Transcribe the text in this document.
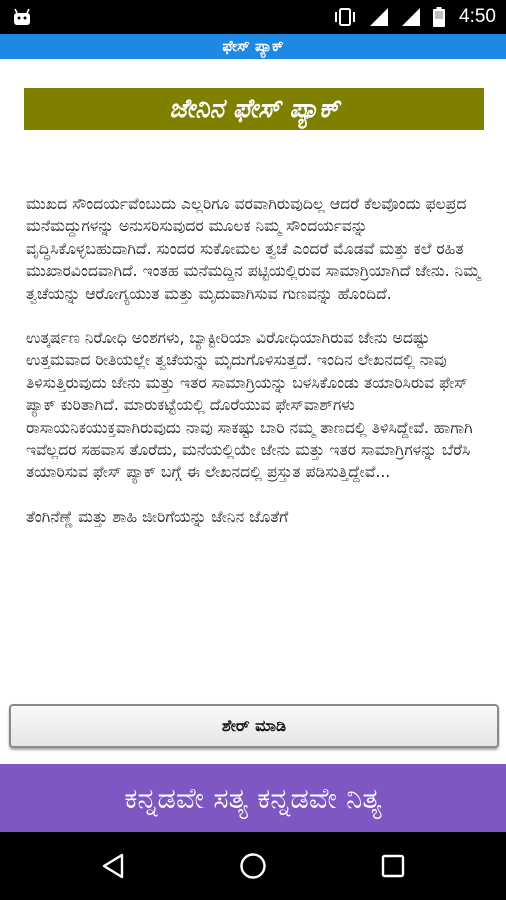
4:50
ಫೇಸ್ ಪ್ಯಾಕ್
ಜೇನಿನ ಫೇಸ್ ಪ್ಯಾಕ್

ಮುಖದ ಸೌಂದರ್ಯವೆಂಬುದು ಎಲ್ಲರಿಗೂ ವರವಾಗಿರುವುದಿಲ್ಲ ಆದರೆ ಕೆಲವೊಂದು ಫಲಪ್ರದ ಮನೆಮದ್ದುಗಳನ್ನು ಅನುಸರಿಸುವುದರ ಮೂಲಕ ನಿಮ್ಮ ಸೌಂದರ್ಯವನ್ನು ವೃದ್ಧಿಸಿಕೊಳ್ಳಬಹುದಾಗಿದೆ. ಸುಂದರ ಸುಕೋಮಲ ತ್ವಚೆ ಎಂದರೆ ಮೊಡವೆ ಮತ್ತು ಕಲೆ ರಹಿತ ಮುಖಾರವಿಂದವಾಗಿದೆ. ಇಂತಹ ಮನೆಮದ್ದಿನ ಪಟ್ಟಿಯಲ್ಲಿರುವ ಸಾಮಾಗ್ರಿಯಾಗಿದೆ ಜೇನು. ನಿಮ್ಮ ತ್ವಚೆಯನ್ನು ಆರೋಗ್ಯಯುತ ಮತ್ತು ಮೃದುವಾಗಿಸುವ ಗುಣವನ್ನು ಹೊಂದಿದೆ.

ಉತ್ಕರ್ಷಣ ನಿರೋಧಿ ಅಂಶಗಳು, ಬ್ಯಾಕ್ಟೀರಿಯಾ ವಿರೋಧಿಯಾಗಿರುವ ಜೇನು ಅದಷ್ಟು ಉತ್ತಮವಾದ ರೀತಿಯಲ್ಲೇ ತ್ವಚೆಯನ್ನು ಮೃದುಗೊಳಿಸುತ್ತದೆ. ಇಂದಿನ ಲೇಖನದಲ್ಲಿ ನಾವು ತಿಳಿಸುತ್ತಿರುವುದು ಜೇನು ಮತ್ತು ಇತರ ಸಾಮಾಗ್ರಿಯನ್ನು ಬಳಸಿಕೊಂಡು ತಯಾರಿಸಿರುವ ಫೇಸ್ ಪ್ಯಾಕ್ ಕುರಿತಾಗಿದೆ. ಮಾರುಕಟ್ಟೆಯಲ್ಲಿ ದೊರೆಯುವ ಫೇಸ್‌ವಾಶ್‌ಗಳು ರಾಸಾಯನಿಕಯುಕ್ತವಾಗಿರುವುದು ನಾವು ಸಾಕಷ್ಟು ಬಾರಿ ನಮ್ಮ ತಾಣದಲ್ಲಿ ತಿಳಿಸಿದ್ದೇವೆ. ಹಾಗಾಗಿ ಇವೆಲ್ಲದರ ಸಹವಾಸ ತೊರೆದು, ಮನೆಯಲ್ಲಿಯೇ ಜೇನು ಮತ್ತು ಇತರ ಸಾಮಾಗ್ರಿಗಳನ್ನು ಬೆರೆಸಿ ತಯಾರಿಸುವ ಫೇಸ್ ಪ್ಯಾಕ್ ಬಗ್ಗೆ ಈ ಲೇಖನದಲ್ಲಿ ಪ್ರಸ್ತುತ ಪಡಿಸುತ್ತಿದ್ದೇವೆ...

ತೆಂಗಿನೆಣ್ಣೆ ಮತ್ತು ಶಾಹಿ ಜೀರಿಗೆಯನ್ನು ಜೇನಿನ ಜೊತೆಗೆ

ಶೇರ್ ಮಾಡಿ
ಕನ್ನಡವೇ ಸತ್ಯ ಕನ್ನಡವೇ ನಿತ್ಯ
